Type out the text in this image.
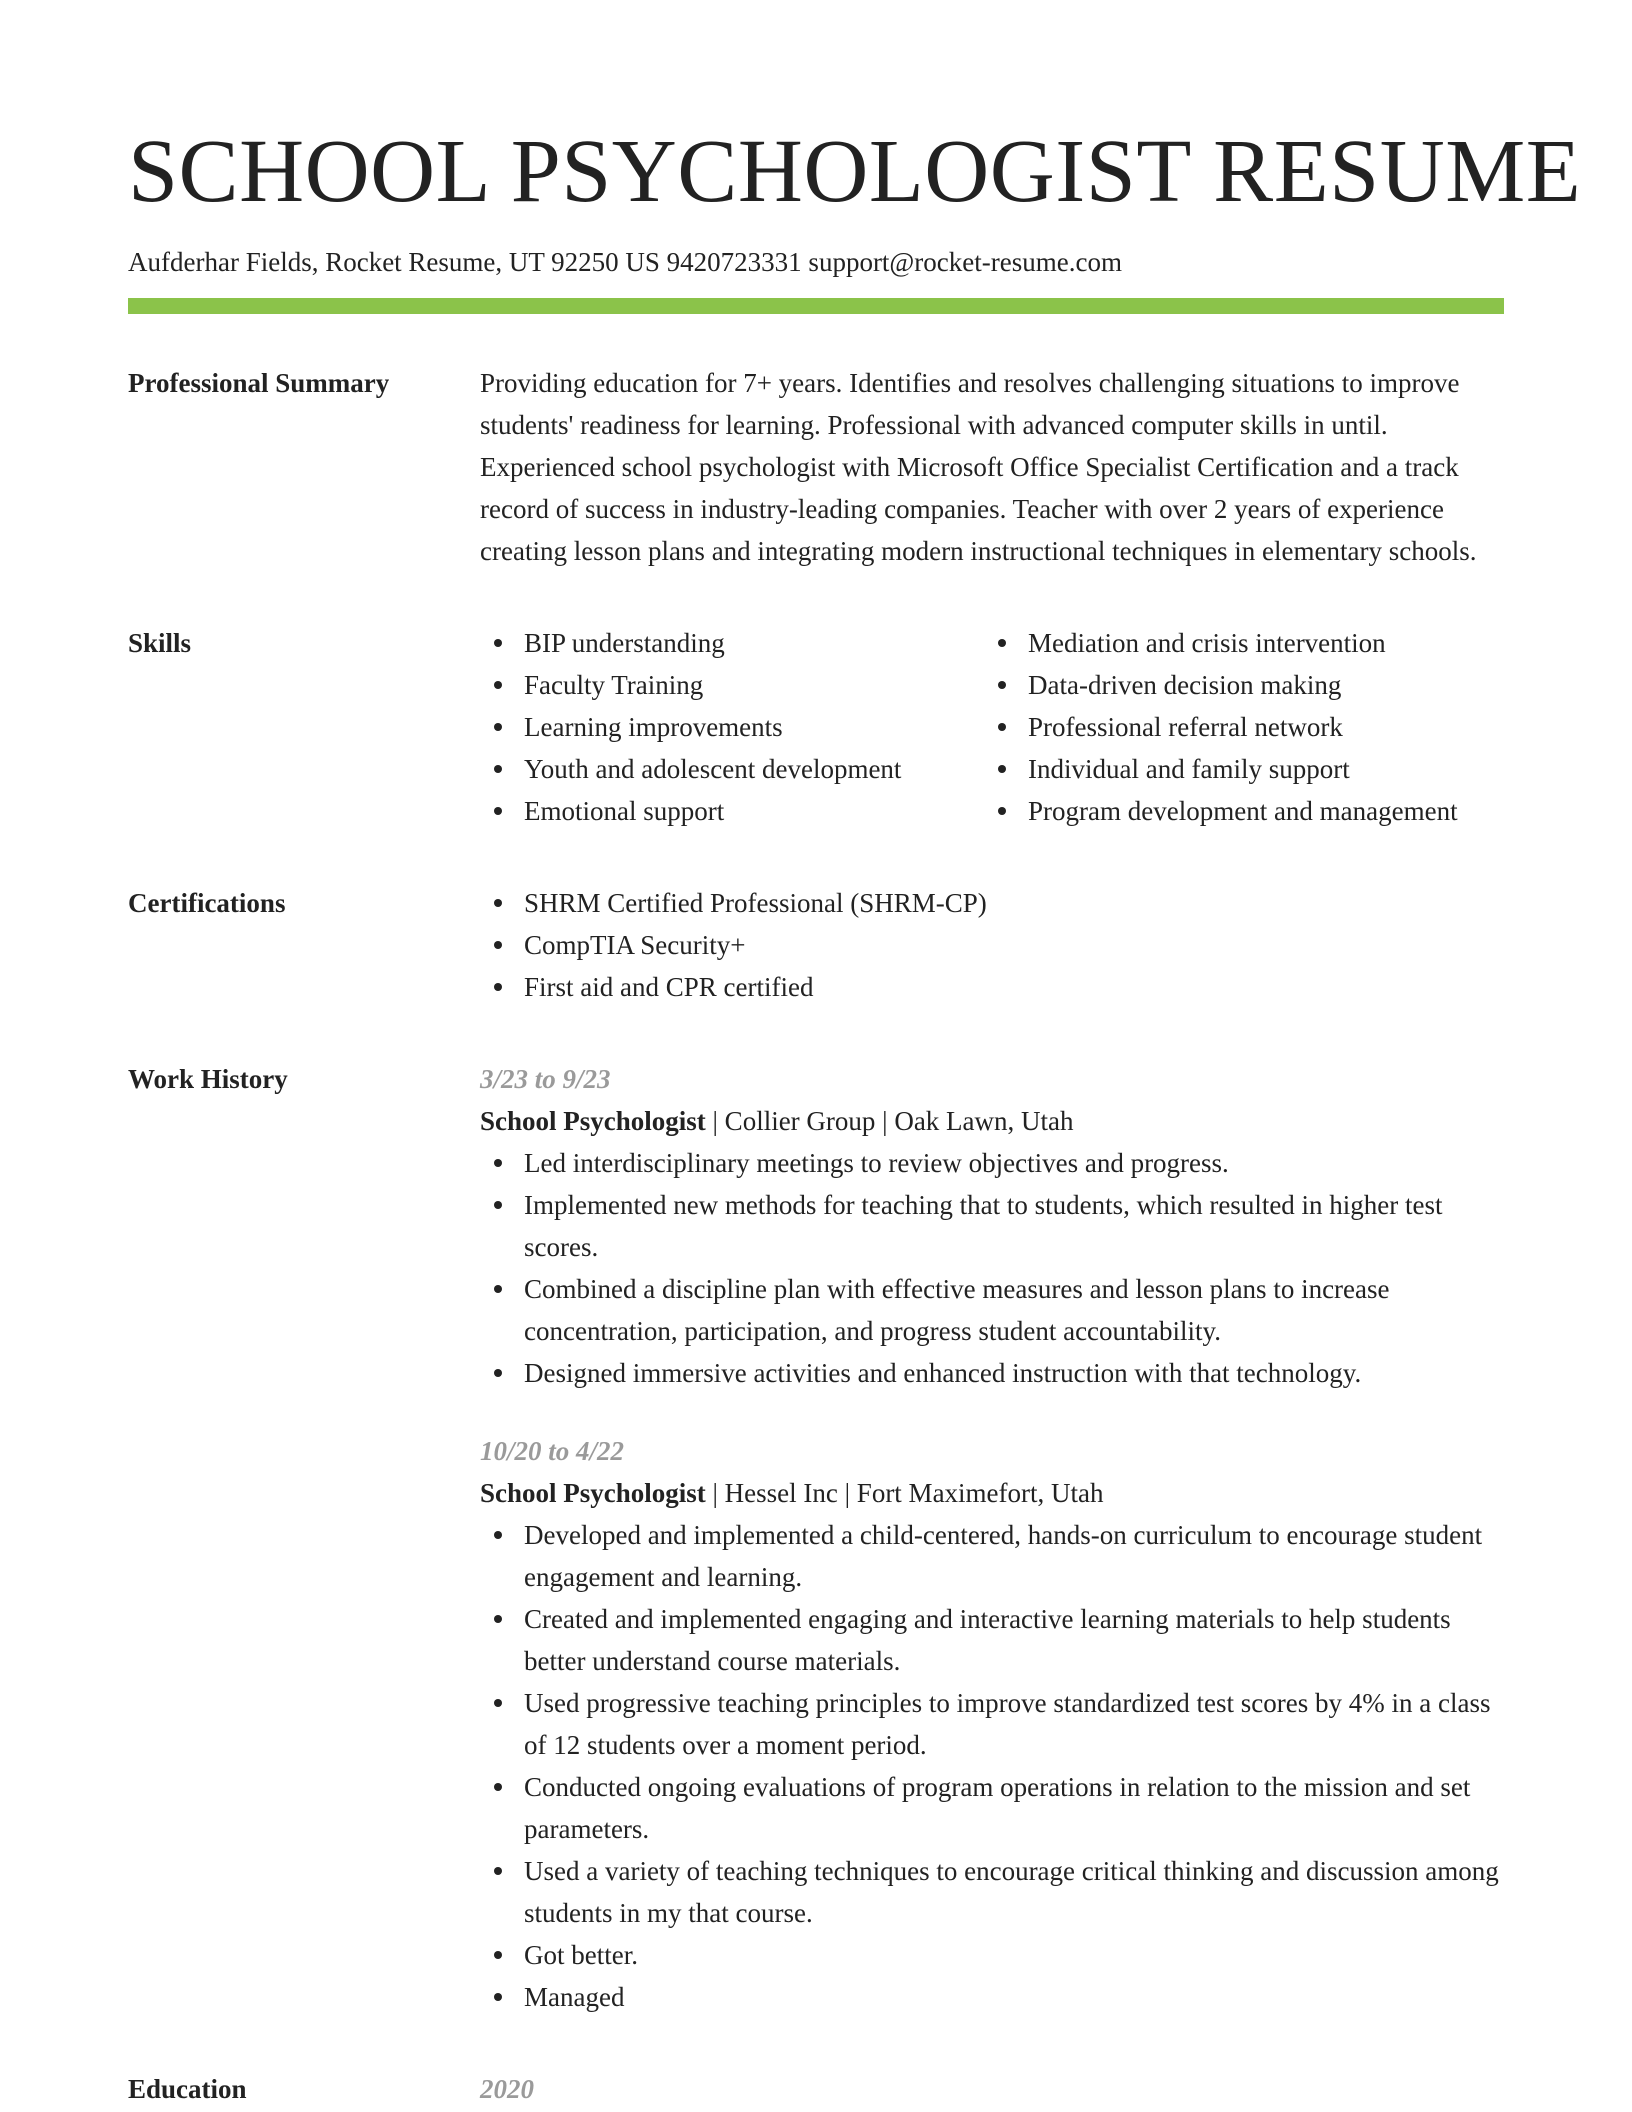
SCHOOL PSYCHOLOGIST RESUME
Aufderhar Fields, Rocket Resume, UT 92250 US 9420723331 support@rocket-resume.com
Professional Summary	Providing education for 7+ years. Identifies and resolves challenging situations to improve students' readiness for learning. Professional with advanced computer skills in until. Experienced school psychologist with Microsoft Office Specialist Certification and a track record of success in industry-leading companies. Teacher with over 2 years of experience creating lesson plans and integrating modern instructional techniques in elementary schools.

Skills	BIP understanding
Faculty Training
Learning improvements
Youth and adolescent development
Emotional support
Mediation and crisis intervention
Data-driven decision making
Professional referral network
Individual and family support
Program development and management
Certifications	SHRM Certified Professional (SHRM-CP)
CompTIA Security+
First aid and CPR certified
Work History	3/23 to 9/23
School Psychologist | Collier Group | Oak Lawn, Utah
Led interdisciplinary meetings to review objectives and progress.
Implemented new methods for teaching that to students, which resulted in higher test scores.
Combined a discipline plan with effective measures and lesson plans to increase concentration, participation, and progress student accountability.
Designed immersive activities and enhanced instruction with that technology.
10/20 to 4/22
School Psychologist | Hessel Inc | Fort Maximefort, Utah
Developed and implemented a child-centered, hands-on curriculum to encourage student engagement and learning.
Created and implemented engaging and interactive learning materials to help students better understand course materials.
Used progressive teaching principles to improve standardized test scores by 4% in a class of 12 students over a moment period.
Conducted ongoing evaluations of program operations in relation to the mission and set parameters.
Used a variety of teaching techniques to encourage critical thinking and discussion among students in my that course.
Got better.
Managed
Education	2020
